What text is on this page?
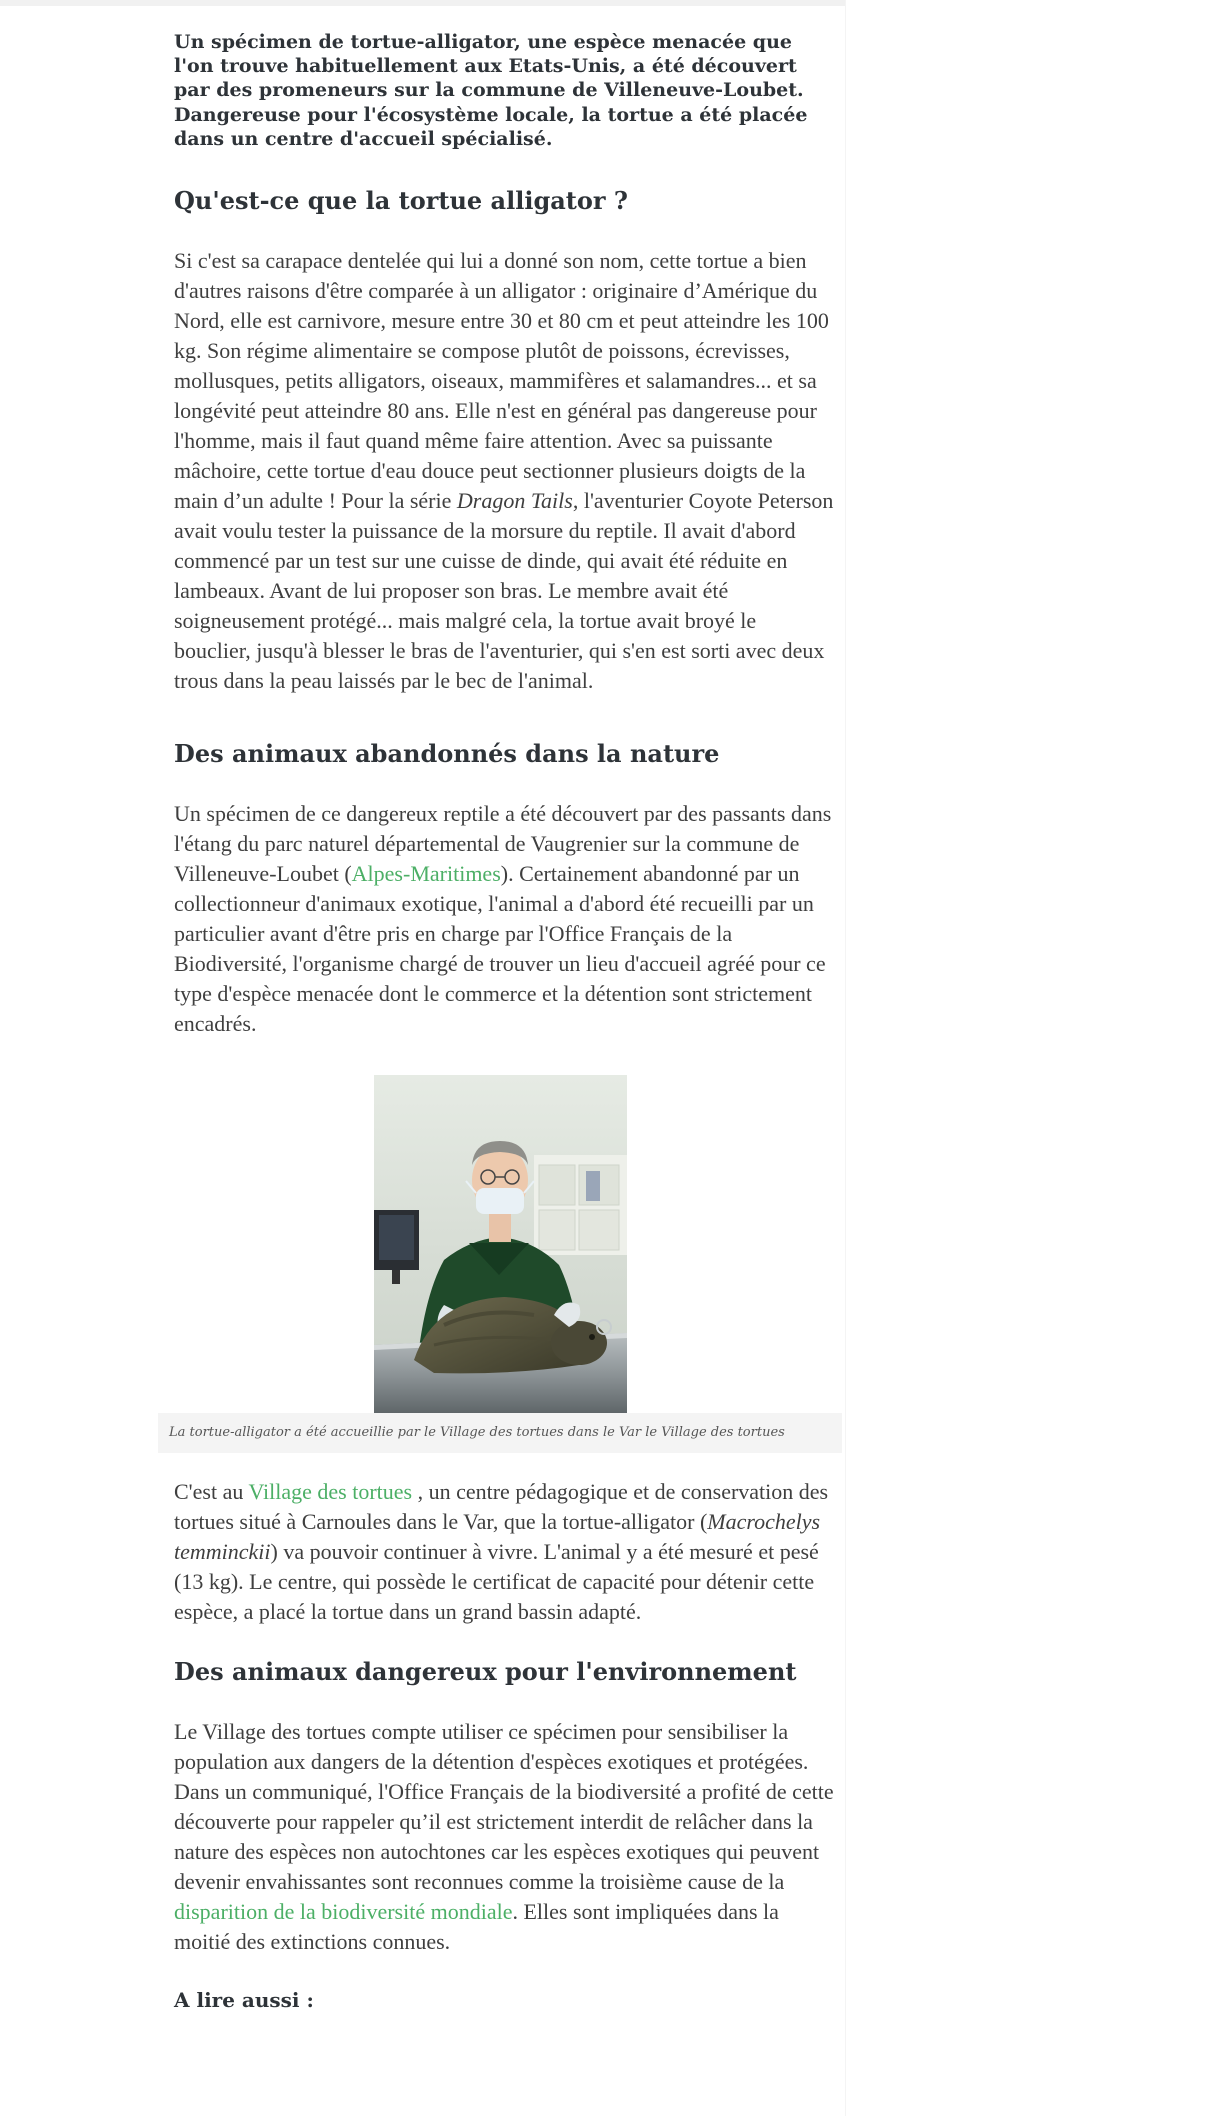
Un spécimen de tortue-alligator, une espèce menacée que l'on trouve habituellement aux Etats-Unis, a été découvert par des promeneurs sur la commune de Villeneuve-Loubet. Dangereuse pour l'écosystème locale, la tortue a été placée dans un centre d'accueil spécialisé.

Qu'est-ce que la tortue alligator ?

Si c'est sa carapace dentelée qui lui a donné son nom, cette tortue a bien d'autres raisons d'être comparée à un alligator : originaire d’Amérique du Nord, elle est carnivore, mesure entre 30 et 80 cm et peut atteindre les 100 kg. Son régime alimentaire se compose plutôt de poissons, écrevisses, mollusques, petits alligators, oiseaux, mammifères et salamandres... et sa longévité peut atteindre 80 ans. Elle n'est en général pas dangereuse pour l'homme, mais il faut quand même faire attention. Avec sa puissante mâchoire, cette tortue d'eau douce peut sectionner plusieurs doigts de la main d’un adulte ! Pour la série Dragon Tails, l'aventurier Coyote Peterson avait voulu tester la puissance de la morsure du reptile. Il avait d'abord commencé par un test sur une cuisse de dinde, qui avait été réduite en lambeaux. Avant de lui proposer son bras. Le membre avait été soigneusement protégé... mais malgré cela, la tortue avait broyé le bouclier, jusqu'à blesser le bras de l'aventurier, qui s'en est sorti avec deux trous dans la peau laissés par le bec de l'animal.

Des animaux abandonnés dans la nature

Un spécimen de ce dangereux reptile a été découvert par des passants dans l'étang du parc naturel départemental de Vaugrenier sur la commune de Villeneuve-Loubet (Alpes-Maritimes). Certainement abandonné par un collectionneur d'animaux exotique, l'animal a d'abord été recueilli par un particulier avant d'être pris en charge par l'Office Français de la Biodiversité, l'organisme chargé de trouver un lieu d'accueil agréé pour ce type d'espèce menacée dont le commerce et la détention sont strictement encadrés.

La tortue-alligator a été accueillie par le Village des tortues dans le Var le Village des tortues

C'est au Village des tortues , un centre pédagogique et de conservation des tortues situé à Carnoules dans le Var, que la tortue-alligator (Macrochelys temminckii) va pouvoir continuer à vivre. L'animal y a été mesuré et pesé (13 kg). Le centre, qui possède le certificat de capacité pour détenir cette espèce, a placé la tortue dans un grand bassin adapté.

Des animaux dangereux pour l'environnement

Le Village des tortues compte utiliser ce spécimen pour sensibiliser la population aux dangers de la détention d'espèces exotiques et protégées. Dans un communiqué, l'Office Français de la biodiversité a profité de cette découverte pour rappeler qu’il est strictement interdit de relâcher dans la nature des espèces non autochtones car les espèces exotiques qui peuvent devenir envahissantes sont reconnues comme la troisième cause de la disparition de la biodiversité mondiale. Elles sont impliquées dans la moitié des extinctions connues.

A lire aussi :
